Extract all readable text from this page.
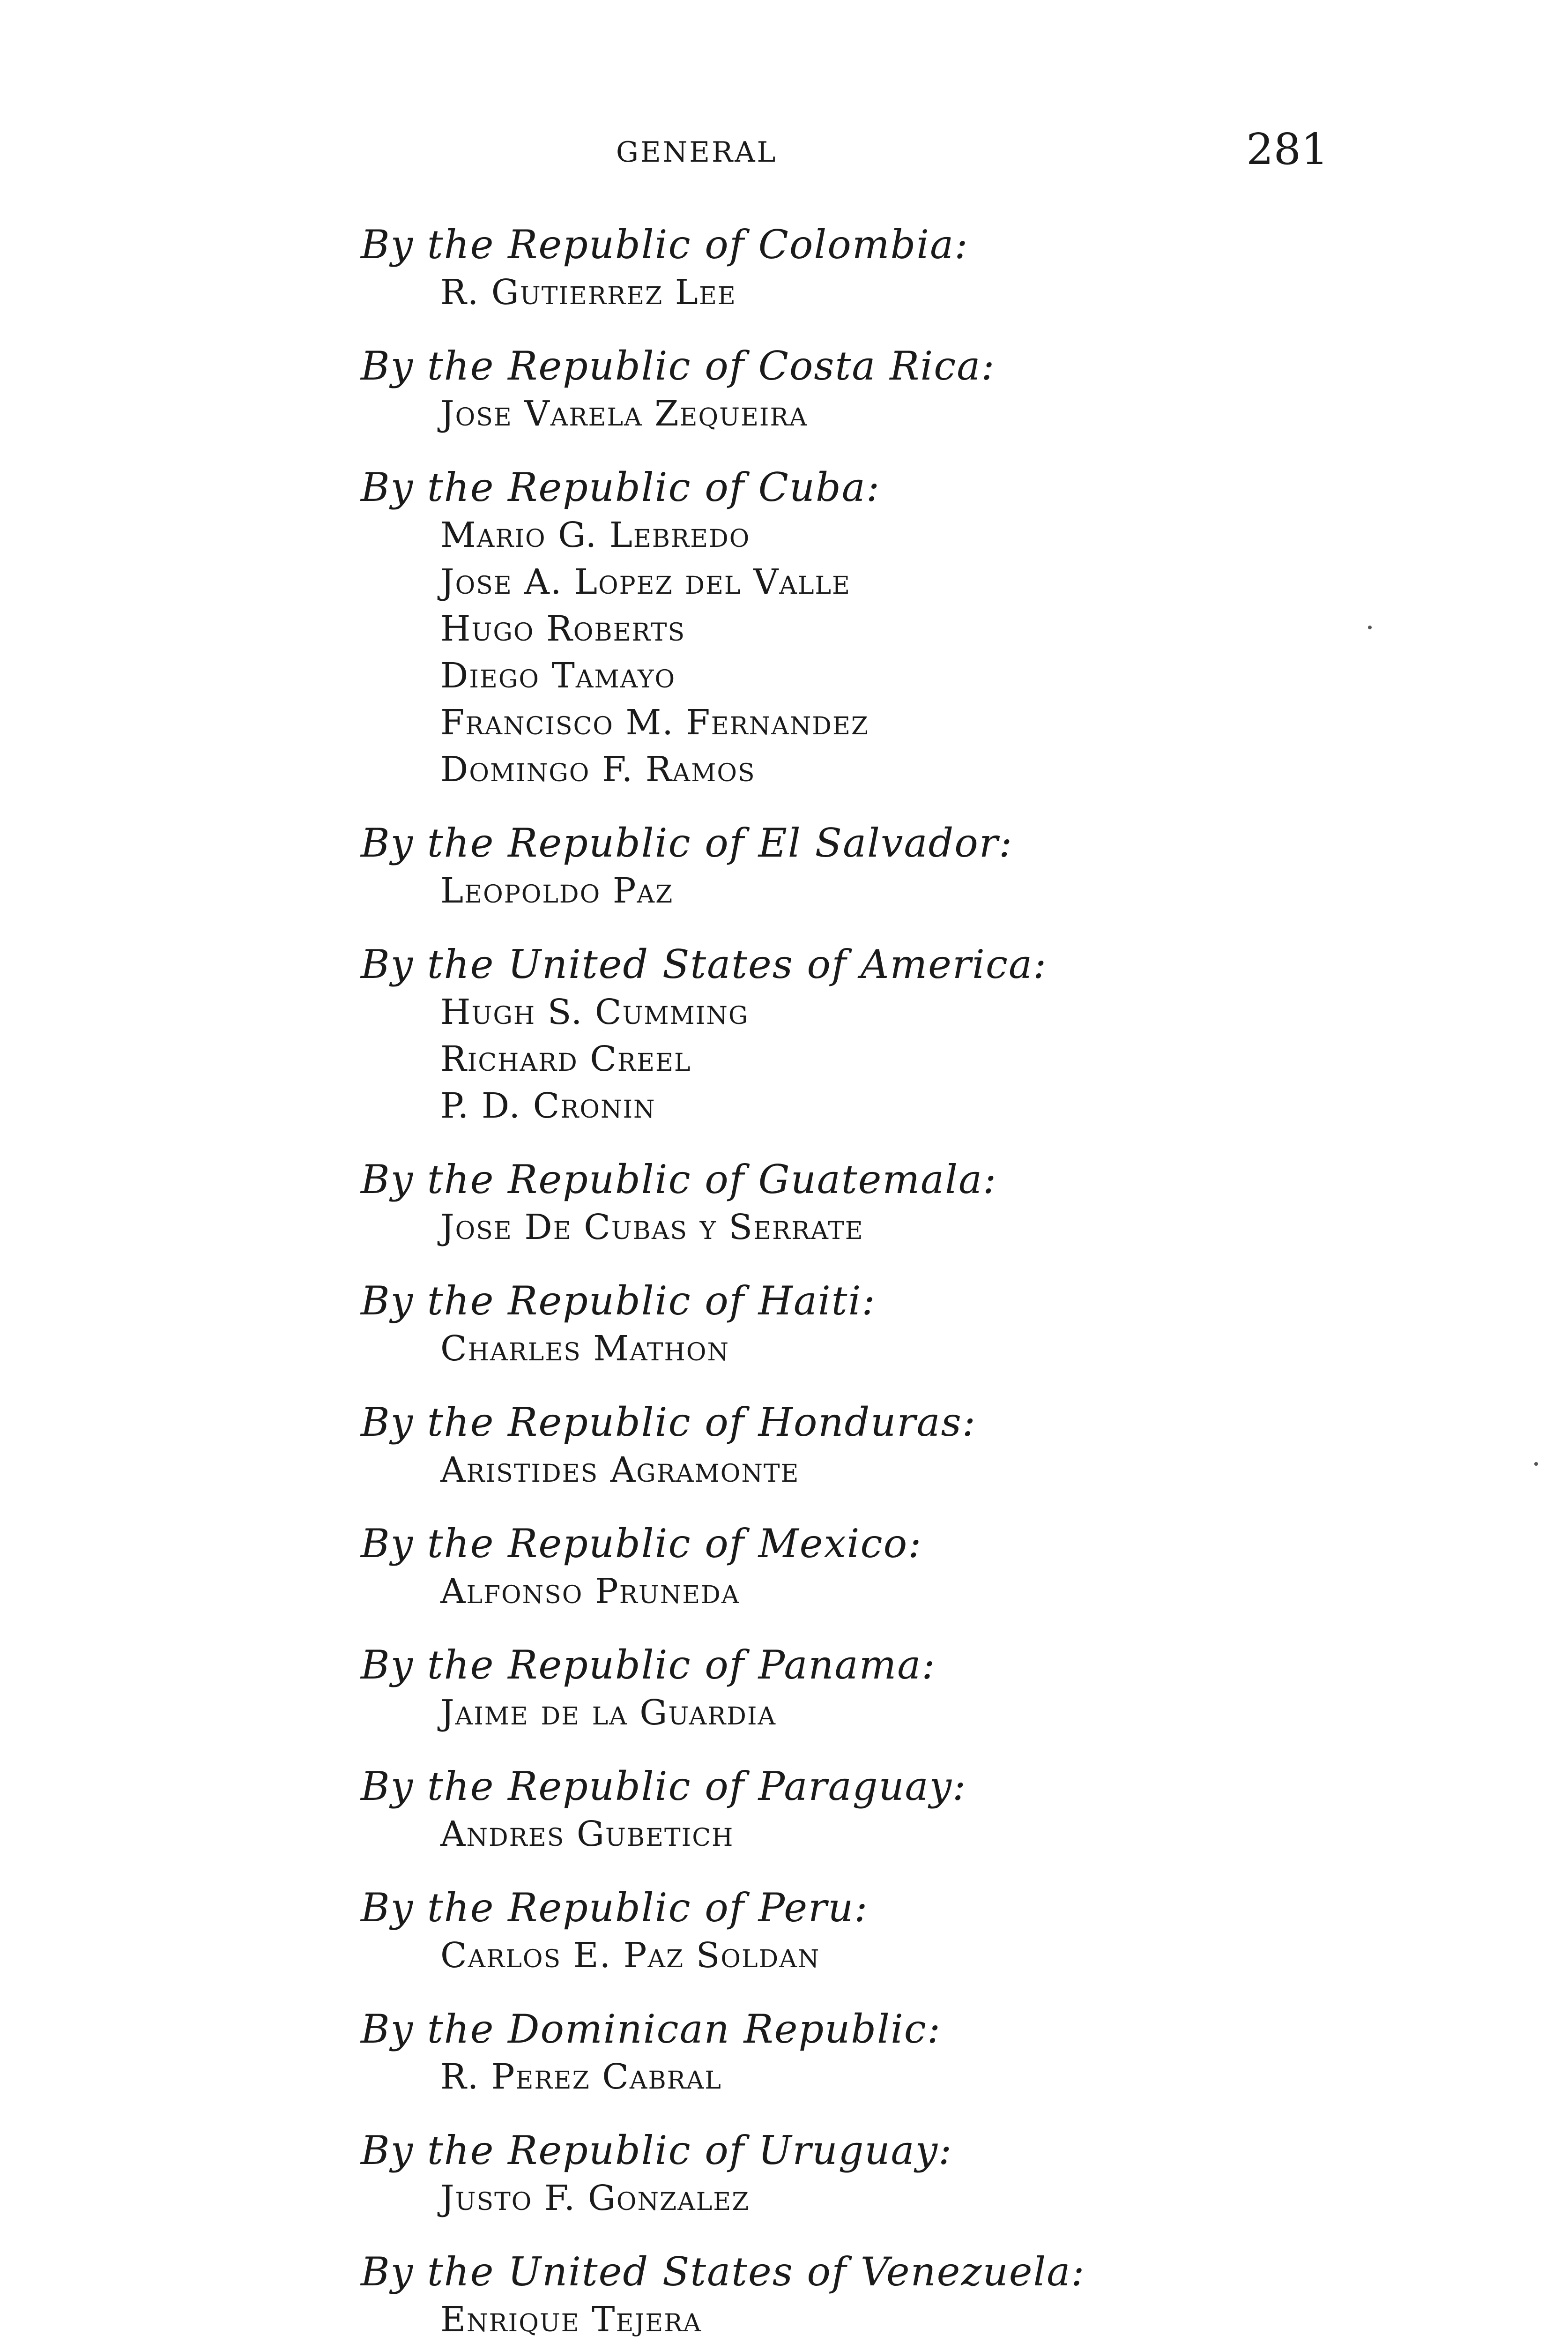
GENERAL	281
By the Republic of Colombia:
R. Gutierrez Lee
By the Republic of Costa Rica:
Jose Varela Zequeira
By the Republic of Cuba:
Mario G. Lebredo
Jose A. Lopez del Valle
Hugo Roberts
Diego Tamayo
Francisco M. Fernandez
Domingo F. Ramos
By the Republic of El Salvador:
Leopoldo Paz
By the United States of America:
Hugh S. Cumming
Richard Creel
P. D. Cronin
By the Republic of Guatemala:
Jose De Cubas y Serrate
By the Republic of Haiti:
Charles Mathon
By the Republic of Honduras:
Aristides Agramonte
By the Republic of Mexico:
Alfonso Pruneda
By the Republic of Panama:
Jaime de la Guardia
By the Republic of Paraguay:
Andres Gubetich
By the Republic of Peru:
Carlos E. Paz Soldan
By the Dominican Republic:
R. Perez Cabral
By the Republic of Uruguay:
Justo F. Gonzalez
By the United States of Venezuela:
Enrique Tejera
